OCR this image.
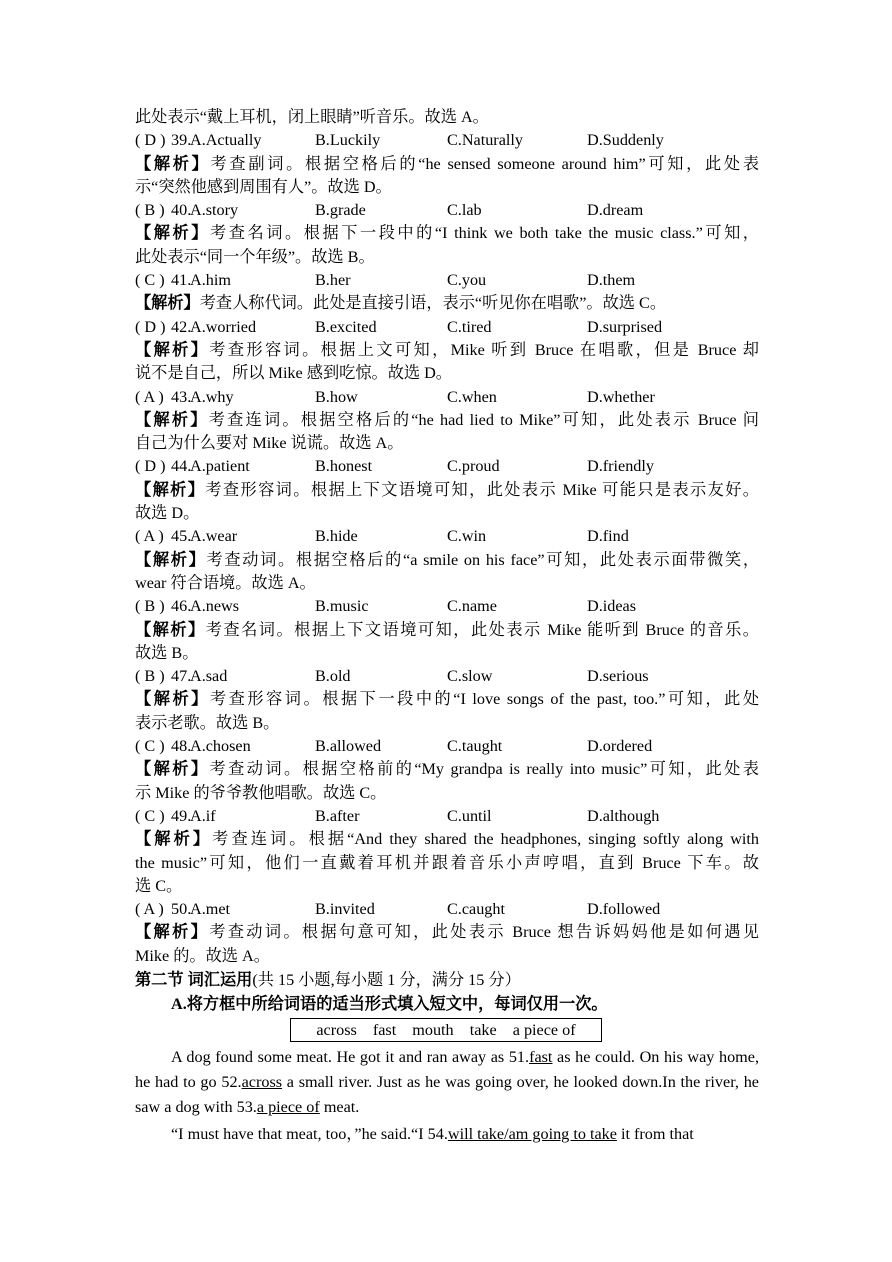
此处表示“戴上耳机，闭上眼睛”听音乐。故选 A。
( D ) 39.
A.Actually	B.Luckily	C.Naturally	D.Suddenly
【解析】考查副词。根据空格后的“he sensed someone around him”可知，此处表
示“突然他感到周围有人”。故选 D。
( B ) 40.
A.story	B.grade	C.lab	D.dream
【解析】考查名词。根据下一段中的“I think we both take the music class.”可知，
此处表示“同一个年级”。故选 B。
( C ) 41.
A.him	B.her	C.you	D.them
【解析】考查人称代词。此处是直接引语，表示“听见你在唱歌”。故选 C。
( D ) 42.
A.worried	B.excited	C.tired	D.surprised
【解析】考查形容词。根据上文可知，Mike 听到 Bruce 在唱歌，但是 Bruce 却
说不是自己，所以 Mike 感到吃惊。故选 D。
( A ) 43.
A.why	B.how	C.when	D.whether
【解析】考查连词。根据空格后的“he had lied to Mike”可知，此处表示 Bruce 问
自己为什么要对 Mike 说谎。故选 A。
( D ) 44.
A.patient	B.honest	C.proud	D.friendly
【解析】考查形容词。根据上下文语境可知，此处表示 Mike 可能只是表示友好。
故选 D。
( A ) 45.
A.wear	B.hide	C.win	D.find
【解析】考查动词。根据空格后的“a smile on his face”可知，此处表示面带微笑，
wear 符合语境。故选 A。
( B ) 46.
A.news	B.music	C.name	D.ideas
【解析】考查名词。根据上下文语境可知，此处表示 Mike 能听到 Bruce 的音乐。
故选 B。
( B ) 47.
A.sad	B.old	C.slow	D.serious
【解析】考查形容词。根据下一段中的“I love songs of the past, too.”可知，此处
表示老歌。故选 B。
( C ) 48.
A.chosen	B.allowed	C.taught	D.ordered
【解析】考查动词。根据空格前的“My grandpa is really into music”可知，此处表
示 Mike 的爷爷教他唱歌。故选 C。
( C ) 49.
A.if	B.after	C.until	D.although
【解析】考查连词。根据“And they shared the headphones, singing softly along with
the music”可知，他们一直戴着耳机并跟着音乐小声哼唱，直到 Bruce 下车。故
选 C。
( A ) 50.
A.met	B.invited	C.caught	D.followed
【解析】考查动词。根据句意可知，此处表示 Bruce 想告诉妈妈他是如何遇见
Mike 的。故选 A。
第二节 词汇运用(共 15 小题,每小题 1 分，满分 15 分）
A.将方框中所给词语的适当形式填入短文中，每词仅用一次。
across fast mouth take a piece of
A dog found some meat. He got it and ran away as 51.fast as he could. On his way home, he had to go 52.across a small river. Just as he was going over, he looked down.In the river, he saw a dog with 53.a piece of meat.
“I must have that meat, too，”he said.“I 54.will take/am going to take it from that
